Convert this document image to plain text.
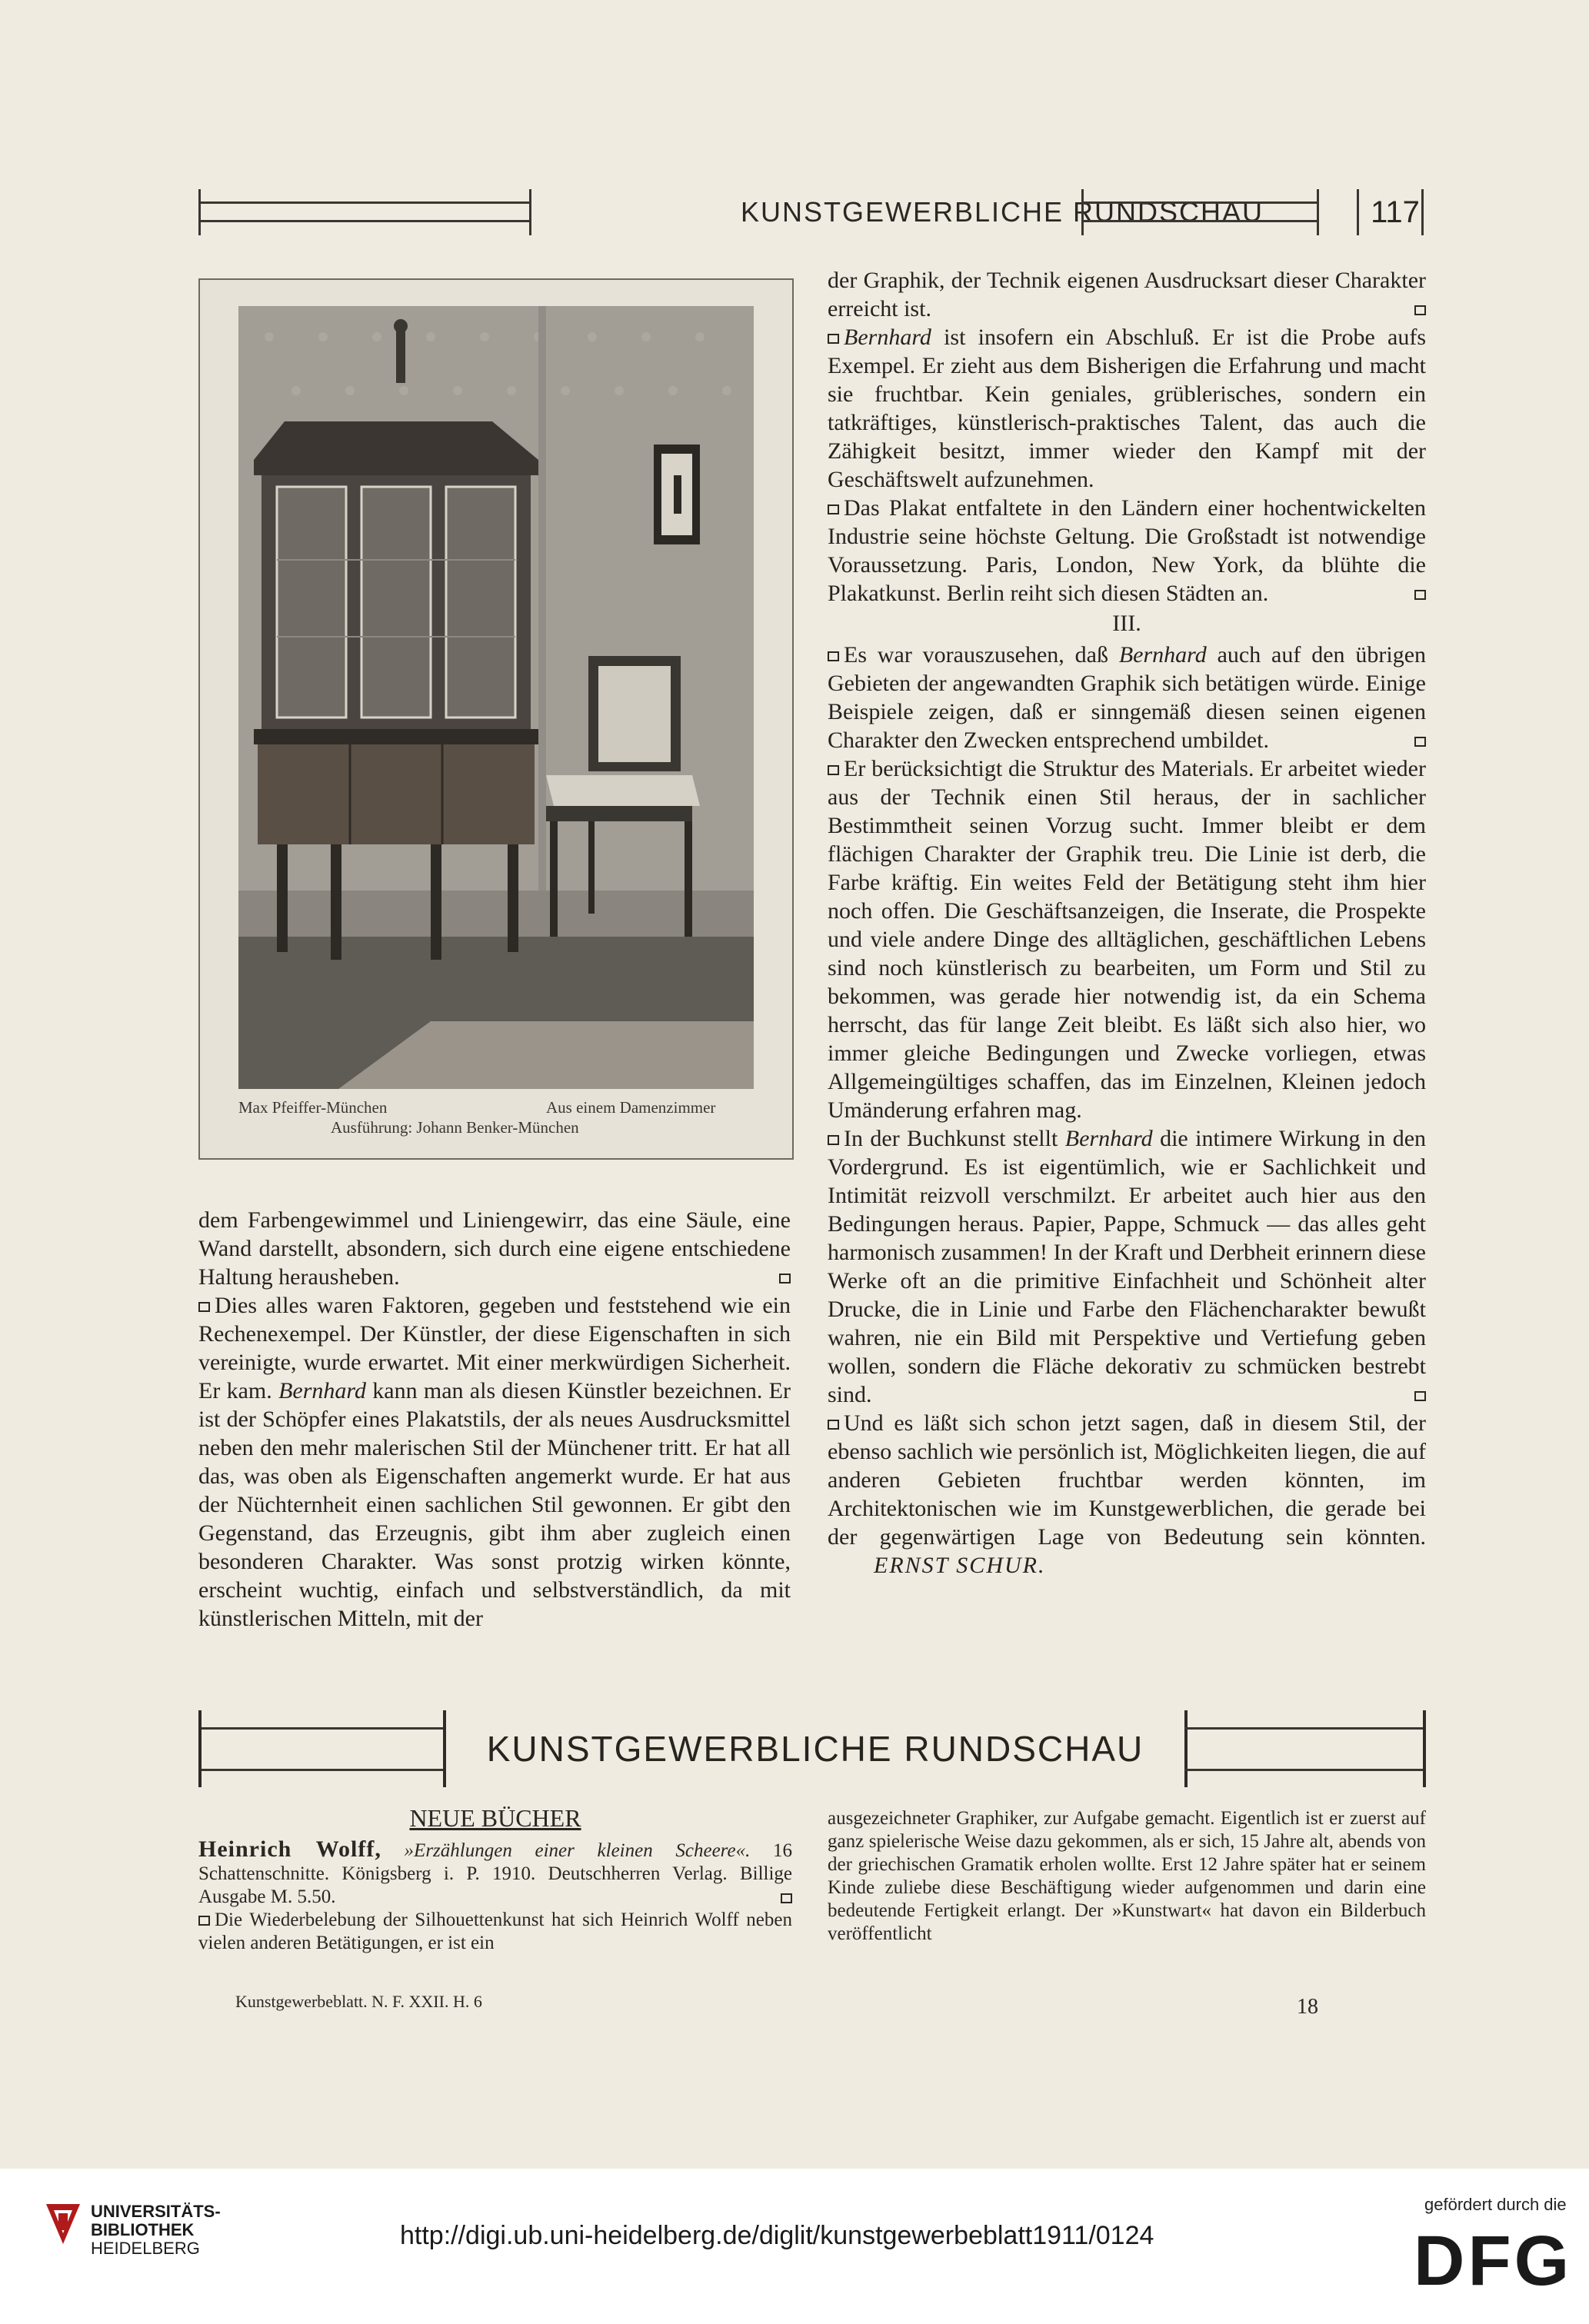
KUNSTGEWERBLICHE RUNDSCHAU	117
Max Pfeiffer-München	Aus einem Damenzimmer
Ausführung: Johann Benker-München

dem Farbengewimmel und Liniengewirr, das eine Säule, eine Wand darstellt, absondern, sich durch eine eigene entschiedene Haltung herausheben.

Dies alles waren Faktoren, gegeben und feststehend wie ein Rechenexempel. Der Künstler, der diese Eigenschaften in sich vereinigte, wurde erwartet. Mit einer merkwürdigen Sicherheit. Er kam. Bernhard kann man als diesen Künstler bezeichnen. Er ist der Schöpfer eines Plakatstils, der als neues Ausdrucksmittel neben den mehr malerischen Stil der Münchener tritt. Er hat all das, was oben als Eigenschaften angemerkt wurde. Er hat aus der Nüchternheit einen sachlichen Stil gewonnen. Er gibt den Gegenstand, das Erzeugnis, gibt ihm aber zugleich einen besonderen Charakter. Was sonst protzig wirken könnte, erscheint wuchtig, einfach und selbstverständlich, da mit künstlerischen Mitteln, mit der

der Graphik, der Technik eigenen Ausdrucksart dieser Charakter erreicht ist.

Bernhard ist insofern ein Abschluß. Er ist die Probe aufs Exempel. Er zieht aus dem Bisherigen die Erfahrung und macht sie fruchtbar. Kein geniales, grüblerisches, sondern ein tatkräftiges, künstlerisch-praktisches Talent, das auch die Zähigkeit besitzt, immer wieder den Kampf mit der Geschäftswelt aufzunehmen.

Das Plakat entfaltete in den Ländern einer hochentwickelten Industrie seine höchste Geltung. Die Großstadt ist notwendige Voraussetzung. Paris, London, New York, da blühte die Plakatkunst. Berlin reiht sich diesen Städten an.

III.

Es war vorauszusehen, daß Bernhard auch auf den übrigen Gebieten der angewandten Graphik sich betätigen würde. Einige Beispiele zeigen, daß er sinngemäß diesen seinen eigenen Charakter den Zwecken entsprechend umbildet.

Er berücksichtigt die Struktur des Materials. Er arbeitet wieder aus der Technik einen Stil heraus, der in sachlicher Bestimmtheit seinen Vorzug sucht. Immer bleibt er dem flächigen Charakter der Graphik treu. Die Linie ist derb, die Farbe kräftig. Ein weites Feld der Betätigung steht ihm hier noch offen. Die Geschäftsanzeigen, die Inserate, die Prospekte und viele andere Dinge des alltäglichen, geschäftlichen Lebens sind noch künstlerisch zu bearbeiten, um Form und Stil zu bekommen, was gerade hier notwendig ist, da ein Schema herrscht, das für lange Zeit bleibt. Es läßt sich also hier, wo immer gleiche Bedingungen und Zwecke vorliegen, etwas Allgemeingültiges schaffen, das im Einzelnen, Kleinen jedoch Umänderung erfahren mag.

In der Buchkunst stellt Bernhard die intimere Wirkung in den Vordergrund. Es ist eigentümlich, wie er Sachlichkeit und Intimität reizvoll verschmilzt. Er arbeitet auch hier aus den Bedingungen heraus. Papier, Pappe, Schmuck — das alles geht harmonisch zusammen! In der Kraft und Derbheit erinnern diese Werke oft an die primitive Einfachheit und Schönheit alter Drucke, die in Linie und Farbe den Flächencharakter bewußt wahren, nie ein Bild mit Perspektive und Vertiefung geben wollen, sondern die Fläche dekorativ zu schmücken bestrebt sind.

Und es läßt sich schon jetzt sagen, daß in diesem Stil, der ebenso sachlich wie persönlich ist, Möglichkeiten liegen, die auf anderen Gebieten fruchtbar werden könnten, im Architektonischen wie im Kunstgewerblichen, die gerade bei der gegenwärtigen Lage von Bedeutung sein könnten. ERNST SCHUR.

KUNSTGEWERBLICHE RUNDSCHAU
NEUE BÜCHER
Heinrich Wolff, »Erzählungen einer kleinen Scheere«. 16 Schattenschnitte. Königsberg i. P. 1910. Deutschherren Verlag. Billige Ausgabe M. 5.50.
Die Wiederbelebung der Silhouettenkunst hat sich Heinrich Wolff neben vielen anderen Betätigungen, er ist ein
ausgezeichneter Graphiker, zur Aufgabe gemacht. Eigentlich ist er zuerst auf ganz spielerische Weise dazu gekommen, als er sich, 15 Jahre alt, abends von der griechischen Gramatik erholen wollte. Erst 12 Jahre später hat er seinem Kinde zuliebe diese Beschäftigung wieder aufgenommen und darin eine bedeutende Fertigkeit erlangt. Der »Kunstwart« hat davon ein Bilderbuch veröffentlicht
Kunstgewerbeblatt. N. F. XXII. H. 6	18
UNIVERSITÄTS-
BIBLIOTHEK
HEIDELBERG	http://digi.ub.uni-heidelberg.de/diglit/kunstgewerbeblatt1911/0124
gefördert durch die
DFG
